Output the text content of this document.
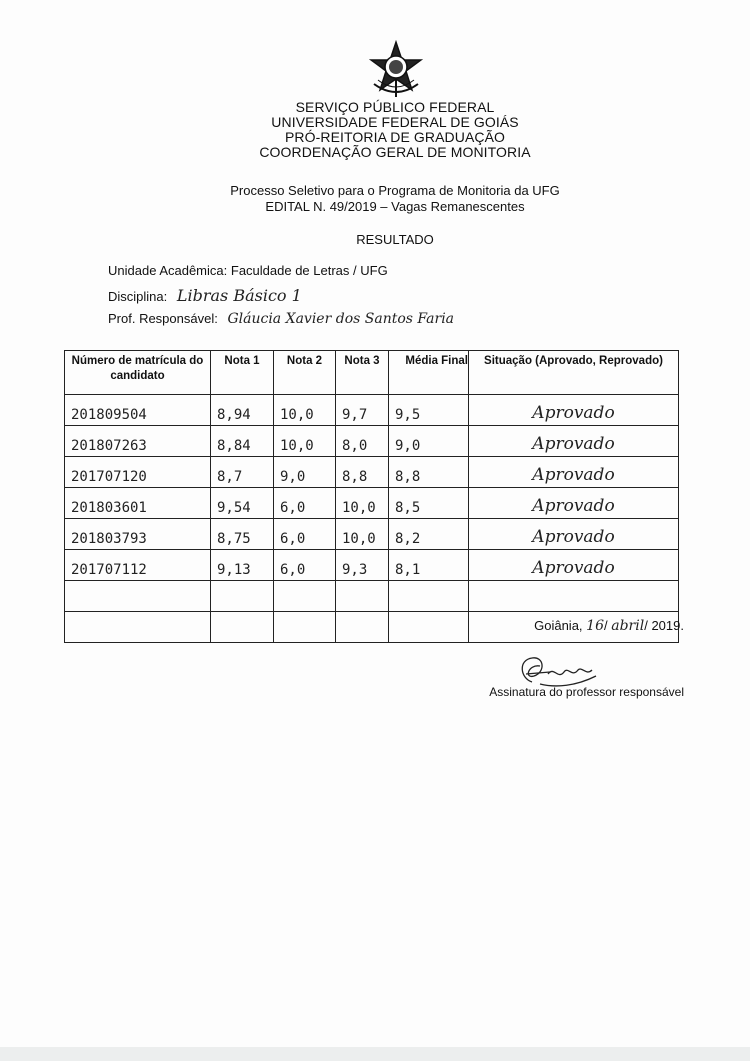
SERVIÇO PÚBLICO FEDERAL
UNIVERSIDADE FEDERAL DE GOIÁS
PRÓ-REITORIA DE GRADUAÇÃO
COORDENAÇÃO GERAL DE MONITORIA
Processo Seletivo para o Programa de Monitoria da UFG
EDITAL N. 49/2019 – Vagas Remanescentes
RESULTADO
Unidade Acadêmica: Faculdade de Letras / UFG
Disciplina: Libras Básico 1
Prof. Responsável: Gláucia Xavier dos Santos Faria
Número de matrícula do candidato	Nota 1	Nota 2	Nota 3	Média Final	Situação (Aprovado, Reprovado)
201809504	8,94	10,0	9,7	9,5	Aprovado
201807263	8,84	10,0	8,0	9,0	Aprovado
201707120	8,7	9,0	8,8	8,8	Aprovado
201803601	9,54	6,0	10,0	8,5	Aprovado
201803793	8,75	6,0	10,0	8,2	Aprovado
201707112	9,13	6,0	9,3	8,1	Aprovado

Goiânia, 16/ abril/ 2019.
Assinatura do professor responsável
